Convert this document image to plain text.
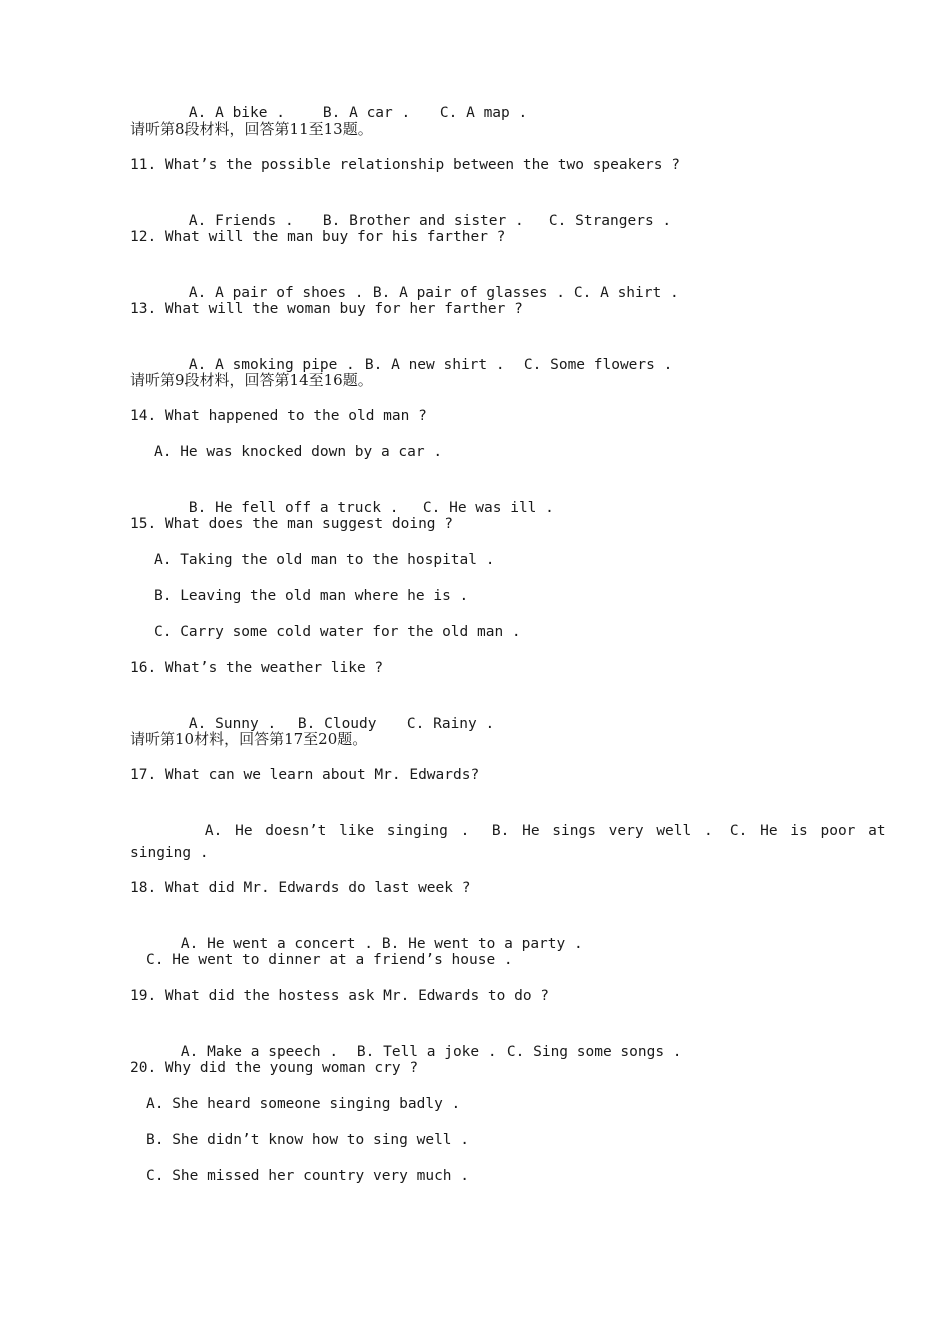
A. A bike .	B. A car . C. A map .

请听第8段材料，回答第11至13题。
11. What’s the possible relationship between the two speakers ?

A. Friends . B. Brother and sister . C. Strangers .

12. What will the man buy for his farther ?

A. A pair of shoes . B. A pair of glasses . C. A shirt .

13. What will the woman buy for her farther ?

A. A smoking pipe . B. A new shirt . C. Some flowers .

请听第9段材料，回答第14至16题。
14. What happened to the old man ?
A. He was knocked down by a car .

B. He fell off a truck . C. He was ill .

15. What does the man suggest doing ?
A. Taking the old man to the hospital .
B. Leaving the old man where he is .
C. Carry some cold water for the old man .
16. What’s the weather like ?

A. Sunny . B. Cloudy C. Rainy .

请听第10材料，回答第17至20题。
17. What can we learn about Mr. Edwards?

A. He doesn’t like singing . B. He sings very well . C. He is poor at

singing .
18. What did Mr. Edwards do last week ?

A. He went a concert . B. He went to a party .

C. He went to dinner at a friend’s house .
19. What did the hostess ask Mr. Edwards to do ?

A. Make a speech . B. Tell a joke . C. Sing some songs .

20. Why did the young woman cry ?
A. She heard someone singing badly .
B. She didn’t know how to sing well .
C. She missed her country very much .
